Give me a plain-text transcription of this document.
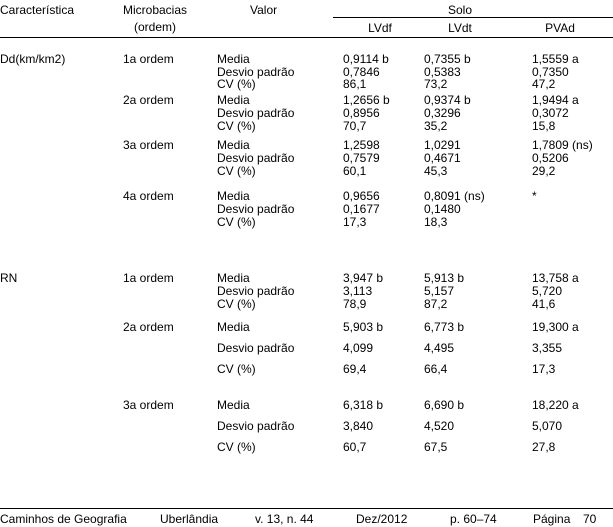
Característica	Microbacias
(ordem)
Valor	Solo
LVdf	LVdt	PVAd
Dd(km/km2)	1a ordem	Media	0,9114 b	0,7355 b	1,5559 a
Desvio padrão	0,7846	0,5383	0,7350
CV (%)	86,1	73,2	47,2
2a ordem	Media	1,2656 b	0,9374 b	1,9494 a
Desvio padrão	0,8956	0,3296	0,3072
CV (%)	70,7	35,2	15,8
3a ordem	Media	1,2598	1,0291	1,7809 (ns)
Desvio padrão	0,7579	0,4671	0,5206
CV (%)	60,1	45,3	29,2
4a ordem	Media	0,9656	0,8091 (ns)	*
Desvio padrão	0,1677	0,1480
CV (%)	17,3	18,3
RN	1a ordem	Media	3,947 b	5,913 b	13,758 a
Desvio padrão	3,113	5,157	5,720
CV (%)	78,9	87,2	41,6
2a ordem	Media	5,903 b	6,773 b	19,300 a
Desvio padrão	4,099	4,495	3,355
CV (%)	69,4	66,4	17,3
3a ordem	Media	6,318 b	6,690 b	18,220 a
Desvio padrão	3,840	4,520	5,070
CV (%)	60,7	67,5	27,8
Caminhos de Geografia	Uberlândia	v. 13, n. 44	Dez/2012	p. 60–74	Página 70
